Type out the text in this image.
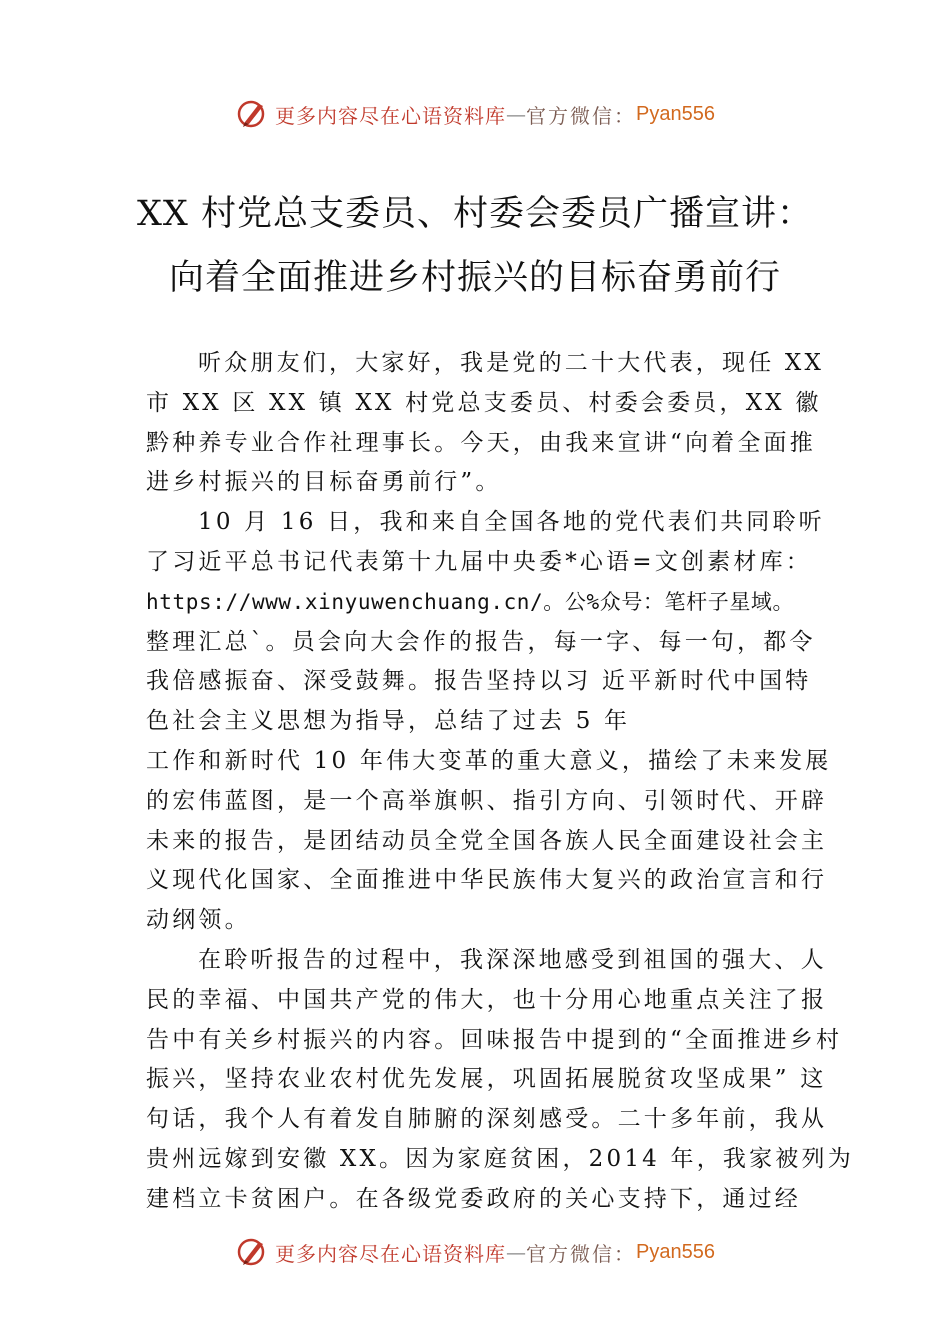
更多内容尽在心语资料库 — 官方微信： Pyan556
XX 村党总支委员、村委会委员广播宣讲：
向着全面推进乡村振兴的目标奋勇前行
听众朋友们，大家好，我是党的二十大代表，现任 XX
市 XX 区 XX 镇 XX 村党总支委员、村委会委员，XX 徽
黔种养专业合作社理事长。今天，由我来宣讲“向着全面推
进乡村振兴的目标奋勇前行”。
10 月 16 日，我和来自全国各地的党代表们共同聆听
了习近平总书记代表第十九届中央委*心语=文创素材库：
https://www.xinyuwenchuang.cn/。公%众号：笔杆子星域。
整理汇总`。员会向大会作的报告，每一字、每一句，都令
我倍感振奋、深受鼓舞。报告坚持以习 近平新时代中国特
色社会主义思想为指导，总结了过去 5 年
工作和新时代 10 年伟大变革的重大意义，描绘了未来发展
的宏伟蓝图，是一个高举旗帜、指引方向、引领时代、开辟
未来的报告，是团结动员全党全国各族人民全面建设社会主
义现代化国家、全面推进中华民族伟大复兴的政治宣言和行
动纲领。
在聆听报告的过程中，我深深地感受到祖国的强大、人
民的幸福、中国共产党的伟大，也十分用心地重点关注了报
告中有关乡村振兴的内容。回味报告中提到的“全面推进乡村
振兴，坚持农业农村优先发展，巩固拓展脱贫攻坚成果” 这
句话，我个人有着发自肺腑的深刻感受。二十多年前，我从
贵州远嫁到安徽 XX。因为家庭贫困，2014 年，我家被列为
建档立卡贫困户。在各级党委政府的关心支持下，通过经
更多内容尽在心语资料库 — 官方微信： Pyan556
